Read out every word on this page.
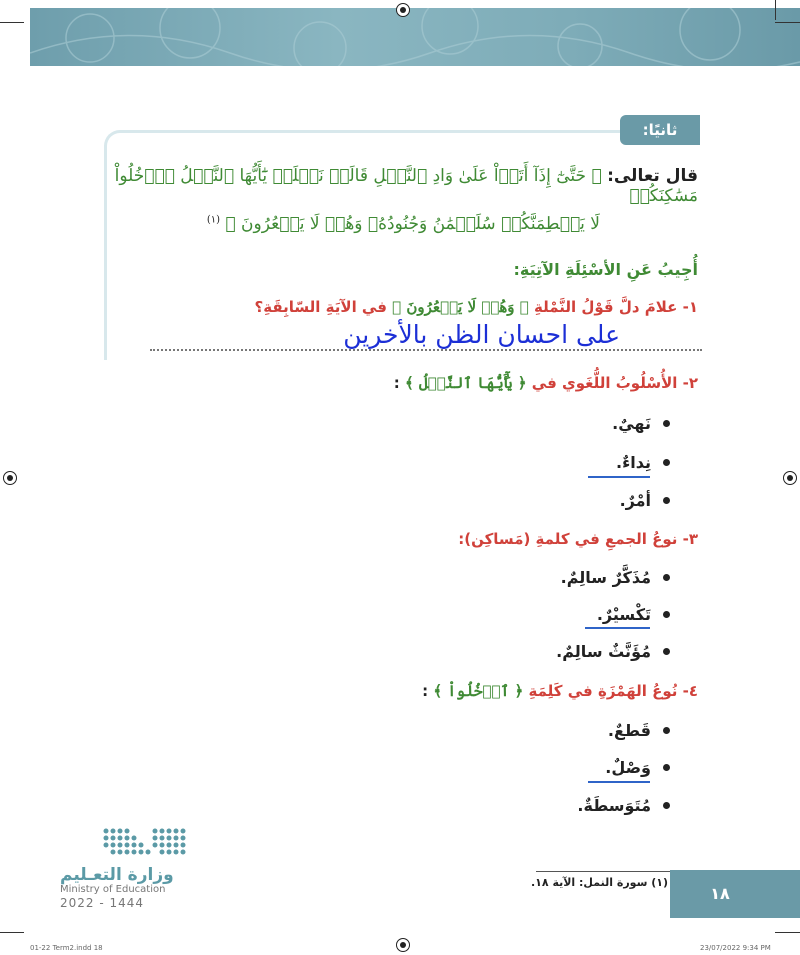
ثانيًا:
قال تعالى: ﴿ حَتَّىٰٓ إِذَآ أَتَوۡاْ عَلَىٰ وَادِ ٱلنَّمۡلِ قَالَتۡ نَمۡلَةٞ يَٰٓأَيُّهَا ٱلنَّمۡلُ ٱدۡخُلُواْ مَسَٰكِنَكُمۡ
لَا يَحۡطِمَنَّكُمۡ سُلَيۡمَٰنُ وَجُنُودُهُۥ وَهُمۡ لَا يَشۡعُرُونَ ﴾ $^{(١)}$
أُجِيبُ عَنِ الأسْئِلَةِ الآتِيَةِ:
١- علامَ دلَّ قَوْلُ النَّمْلةِ ﴿ وَهُمۡ لَا يَشۡعُرُونَ ﴾ في الآيَةِ السّابِقَةِ؟
على احسان الظن بالأخرين
٢- الأُسْلُوبُ اللُّغَوي في ﴿ يَٰٓأَيُّهَا ٱلنَّمۡلُ ﴾ :
نَهيٌ.
نِداءٌ.
أمْرٌ.
٣- نوعُ الجمعِ في كلمةِ (مَساكِن):
مُذَكَّرٌ سالِمٌ.
تَكْسيْرٌ.
مُؤَنَّثٌ سالِمٌ.
٤- نُوعُ الهَمْزَةِ في كَلِمَةِ ﴿ ٱدۡخُلُواْ ﴾ :
قَطعٌ.
وَصْلٌ.
مُتَوَسطَةٌ.
وزارة التعـليم
Ministry of Education
2022 - 1444
(١) سورة النمل: الآية ١٨.
١٨
01-22 Term2.indd 18	23/07/2022 9:34 PM
